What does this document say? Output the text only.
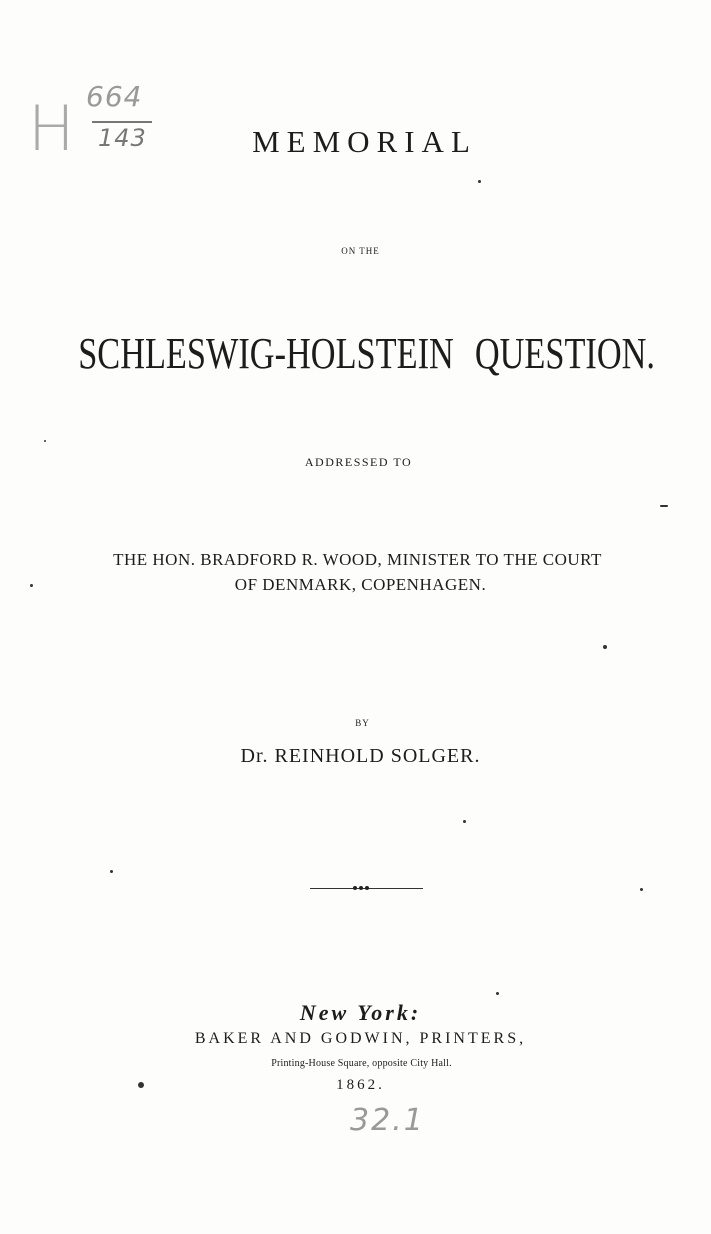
H 664
143	MEMORIAL
ON THE
SCHLESWIG-HOLSTEIN QUESTION.
ADDRESSED TO
THE HON. BRADFORD R. WOOD, MINISTER TO THE COURT
OF DENMARK, COPENHAGEN.
BY
Dr. REINHOLD SOLGER.
New York:
BAKER AND GODWIN, PRINTERS,
Printing-House Square, opposite City Hall.
1862.
32.1
